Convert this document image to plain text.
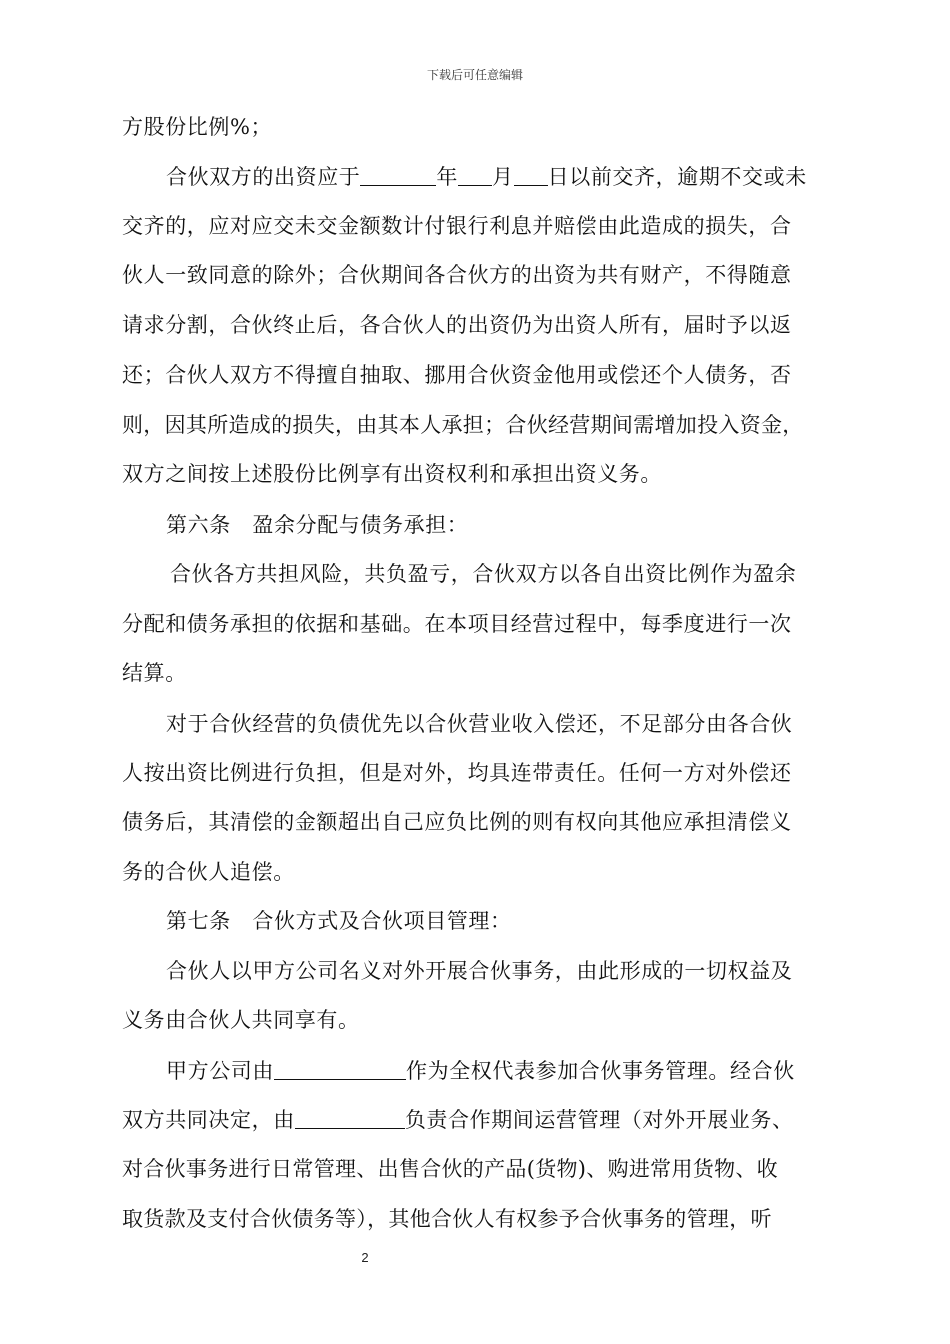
下载后可任意编辑
方股份比例%；
合伙双方的出资应于	年 月 日以前交齐，逾期不交或未
交齐的，应对应交未交金额数计付银行利息并赔偿由此造成的损失，合
伙人一致同意的除外；合伙期间各合伙方的出资为共有财产，不得随意
请求分割，合伙终止后，各合伙人的出资仍为出资人所有，届时予以返
还；合伙人双方不得擅自抽取、挪用合伙资金他用或偿还个人债务，否
则，因其所造成的损失，由其本人承担；合伙经营期间需增加投入资金，
双方之间按上述股份比例享有出资权利和承担出资义务。
第六条　盈余分配与债务承担：
合伙各方共担风险，共负盈亏，合伙双方以各自出资比例作为盈余
分配和债务承担的依据和基础。在本项目经营过程中，每季度进行一次
结算。
对于合伙经营的负债优先以合伙营业收入偿还，不足部分由各合伙
人按出资比例进行负担，但是对外，均具连带责任。任何一方对外偿还
债务后，其清偿的金额超出自己应负比例的则有权向其他应承担清偿义
务的合伙人追偿。
第七条　合伙方式及合伙项目管理：
合伙人以甲方公司名义对外开展合伙事务，由此形成的一切权益及
义务由合伙人共同享有。
甲方公司由	作为全权代表参加合伙事务管理。经合伙
双方共同决定，由	负责合作期间运营管理（对外开展业务、
对合伙事务进行日常管理、出售合伙的产品(货物)、购进常用货物、收
取货款及支付合伙债务等），其他合伙人有权参予合伙事务的管理，听
2
